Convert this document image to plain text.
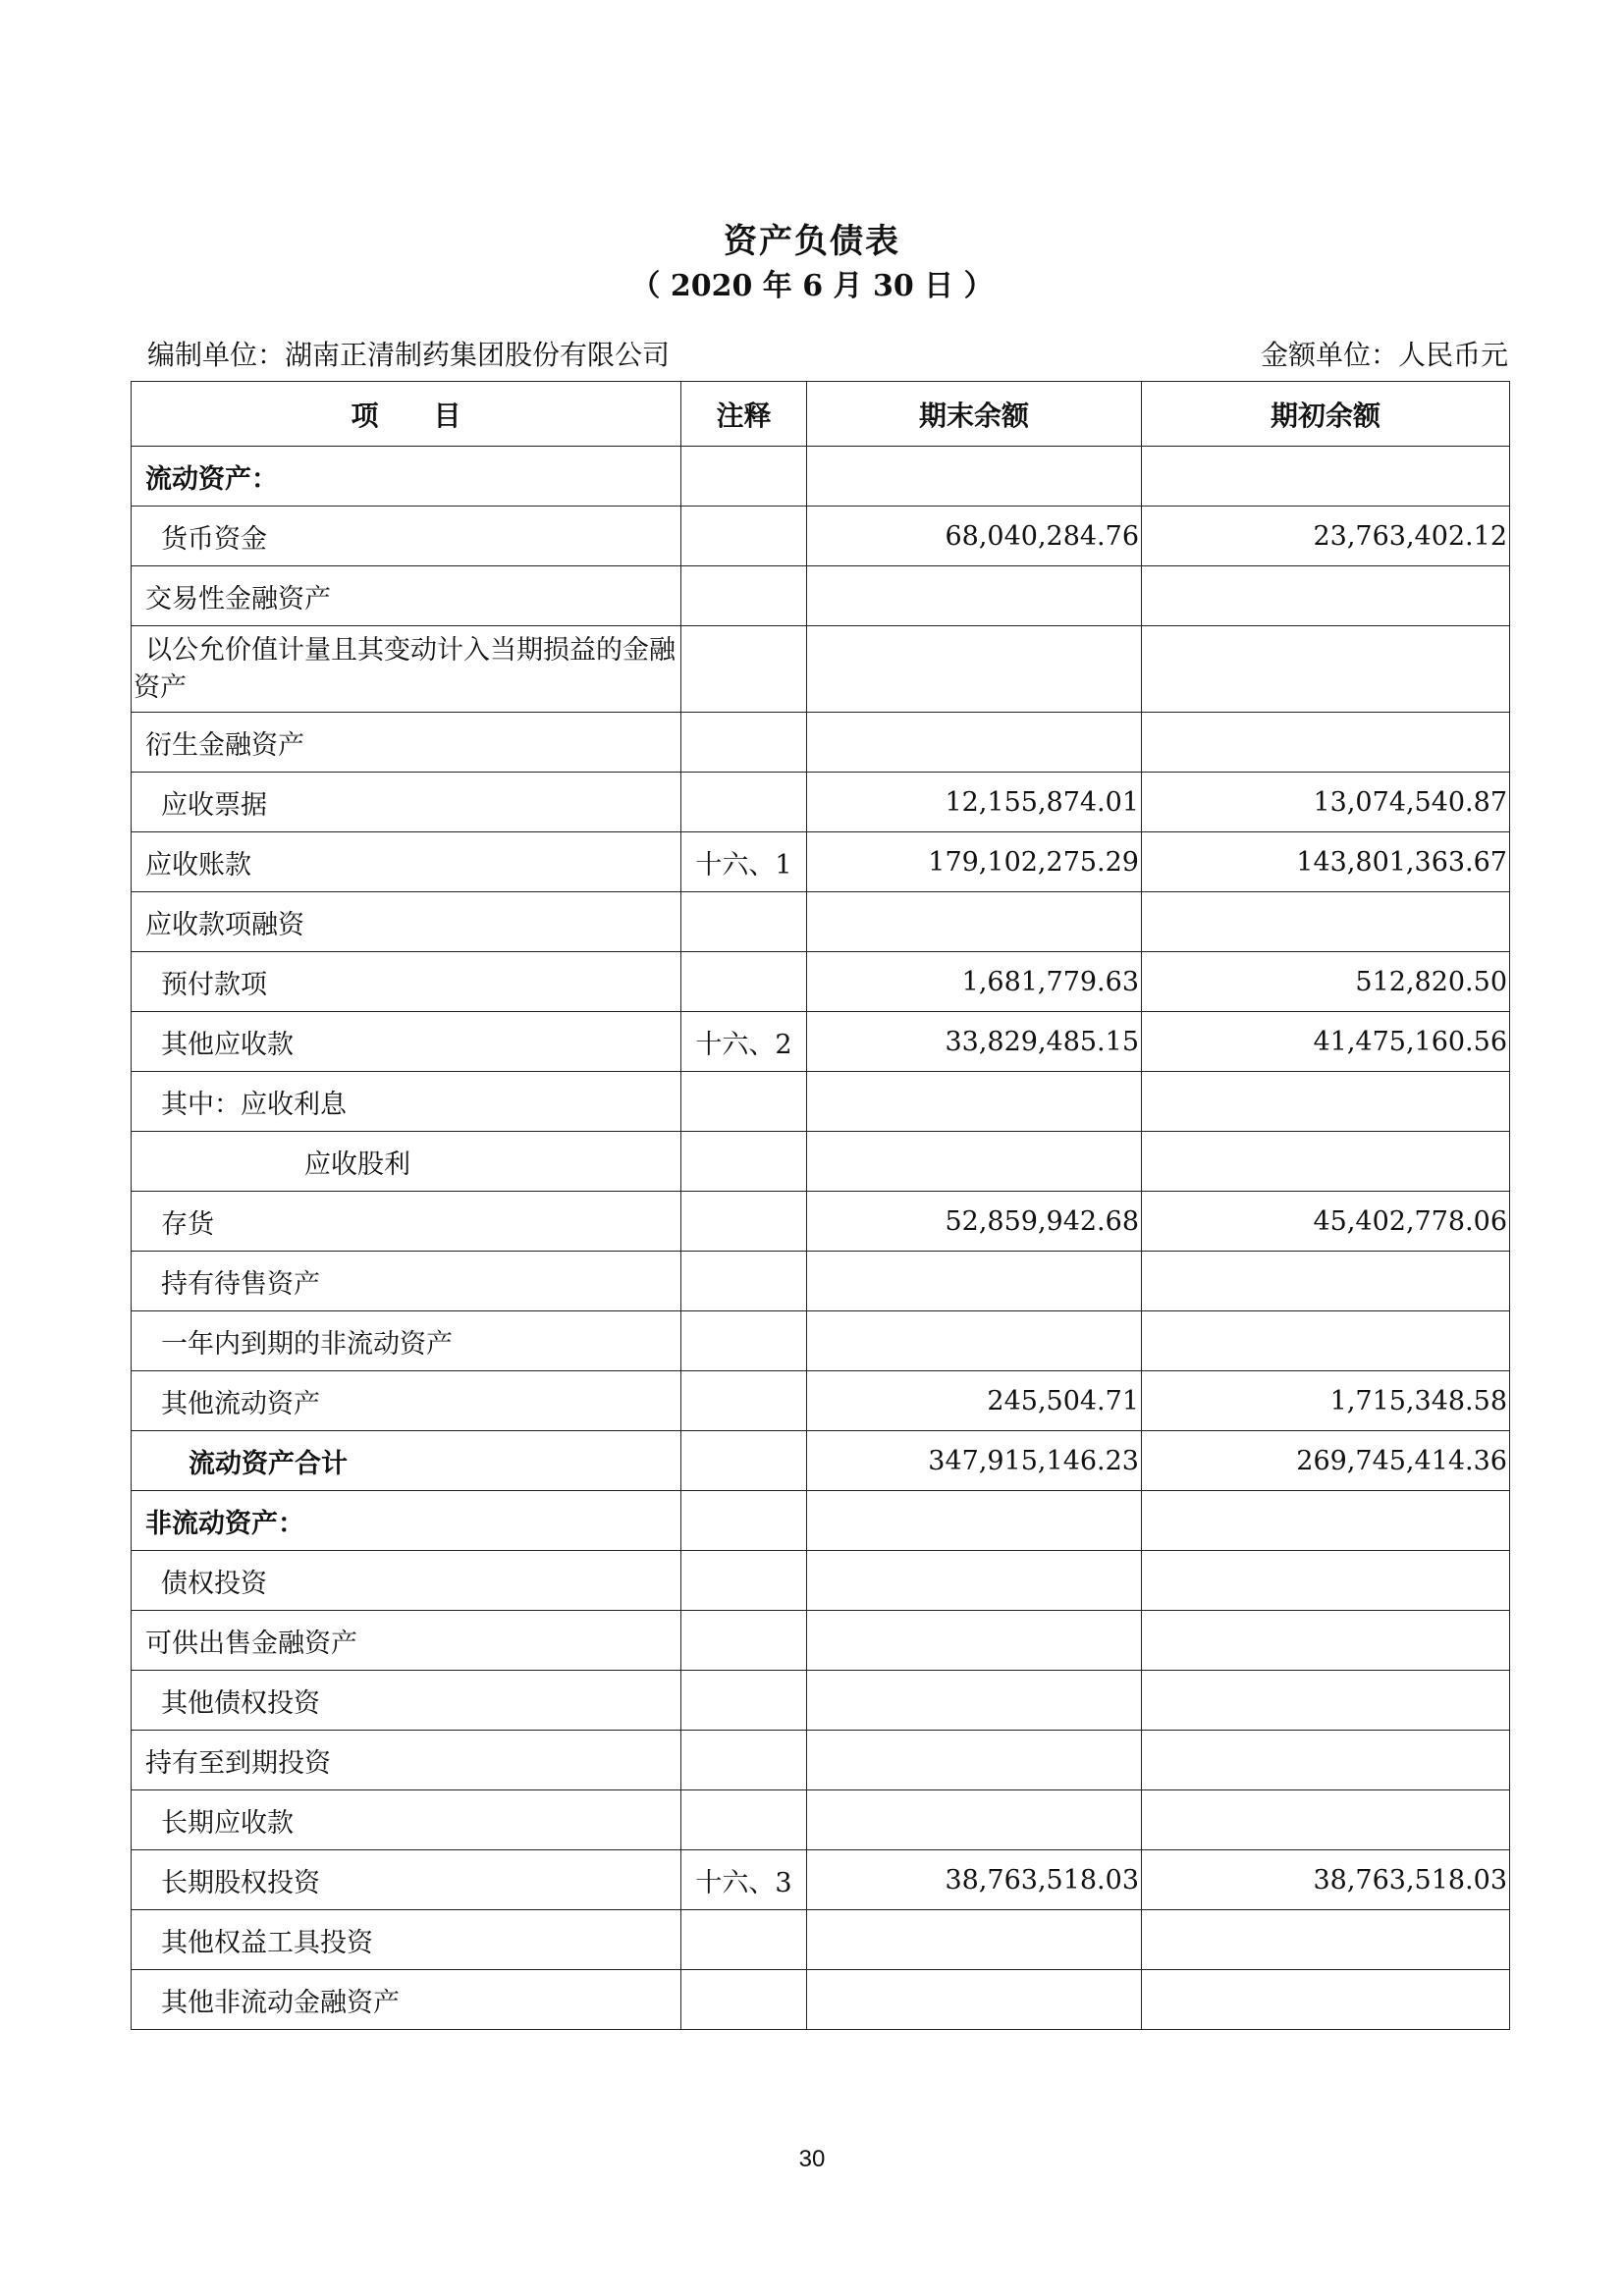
资产负债表
（ 2020 年 6 月 30 日 ）
编制单位：湖南正清制药集团股份有限公司	金额单位：人民币元
项　　目	注释	期末余额	期初余额
流动资产：			
货币资金		68,040,284.76	23,763,402.12
交易性金融资产			
以公允价值计量且其变动计入当期损益的金融资产			
衍生金融资产			
应收票据		12,155,874.01	13,074,540.87
应收账款	十六、1	179,102,275.29	143,801,363.67
应收款项融资			
预付款项		1,681,779.63	512,820.50
其他应收款	十六、2	33,829,485.15	41,475,160.56
其中：应收利息			
应收股利			
存货		52,859,942.68	45,402,778.06
持有待售资产			
一年内到期的非流动资产			
其他流动资产		245,504.71	1,715,348.58
流动资产合计		347,915,146.23	269,745,414.36
非流动资产：			
债权投资			
可供出售金融资产			
其他债权投资			
持有至到期投资			
长期应收款			
长期股权投资	十六、3	38,763,518.03	38,763,518.03
其他权益工具投资			
其他非流动金融资产			
30
